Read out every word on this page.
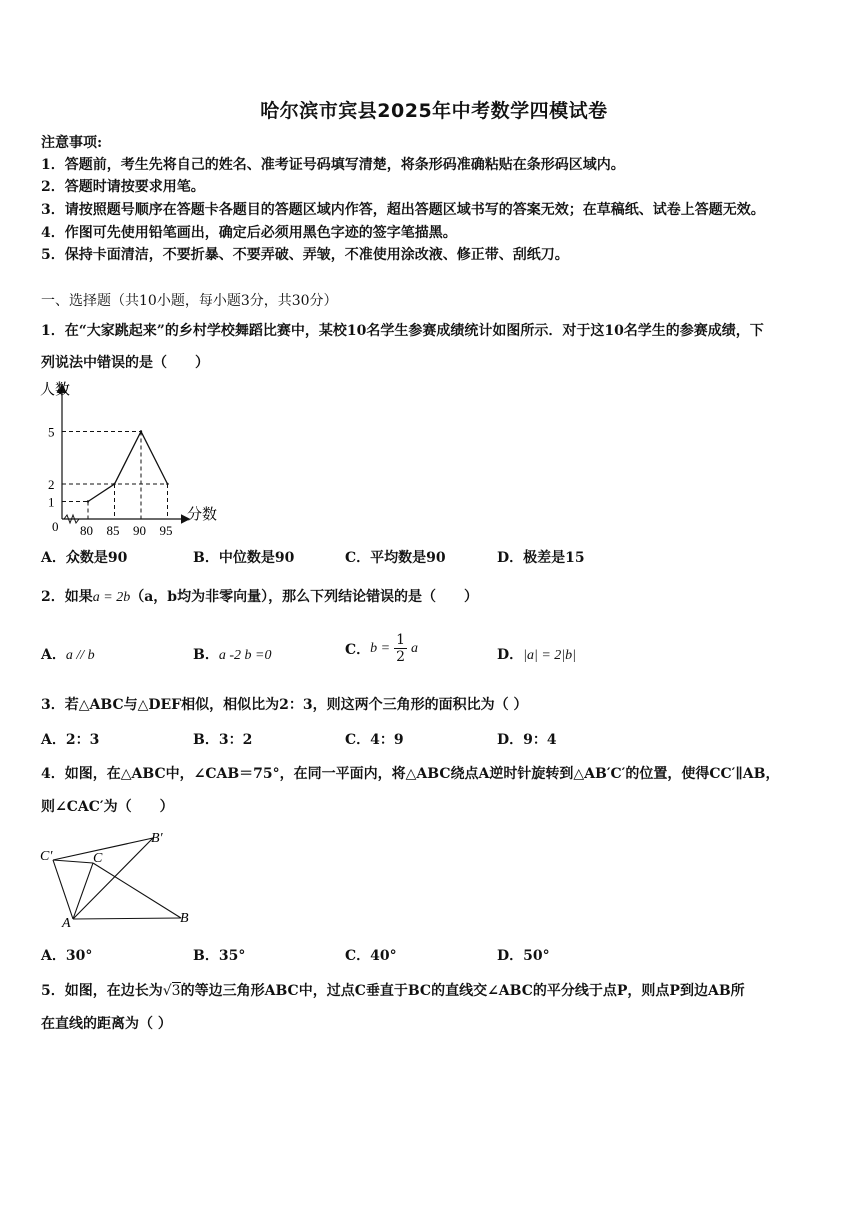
哈尔滨市宾县2025年中考数学四模试卷
注意事项:
1．答题前，考生先将自己的姓名、准考证号码填写清楚，将条形码准确粘贴在条形码区域内。
2．答题时请按要求用笔。
3．请按照题号顺序在答题卡各题目的答题区域内作答，超出答题区域书写的答案无效；在草稿纸、试卷上答题无效。
4．作图可先使用铅笔画出，确定后必须用黑色字迹的签字笔描黑。
5．保持卡面清洁，不要折暴、不要弄破、弄皱，不准使用涂改液、修正带、刮纸刀。
一、选择题（共10小题，每小题3分，共30分）
1．在“大家跳起来”的乡村学校舞蹈比赛中，某校10名学生参赛成绩统计如图所示．对于这10名学生的参赛成绩，下
列说法中错误的是（　　）
80 85 90 95
1
2
5
人数
分数
0
A．众数是90	B．中位数是90	C．平均数是90	D．极差是15
2．如果a = 2b（a，b均为非零向量），那么下列结论错误的是（　　）
A．a // b	B．a -2 b =0	C． $b = \frac{1}{2}$ a	D．|a| = 2|b|
3．若△ABC与△DEF相似，相似比为2：3，则这两个三角形的面积比为（ ）
A．2：3	B．3：2	C．4：9	D．9：4
4．如图，在△ABC中，∠CAB＝75°，在同一平面内，将△ABC绕点A逆时针旋转到△AB′C′的位置，使得CC′∥AB，
则∠CAC′为（　　）
A	B
C
B′
C′
A．30°	B．35°	C．40°	D．50°
5．如图，在边长为√3的等边三角形ABC中，过点C垂直于BC的直线交∠ABC的平分线于点P，则点P到边AB所
在直线的距离为（ ）
